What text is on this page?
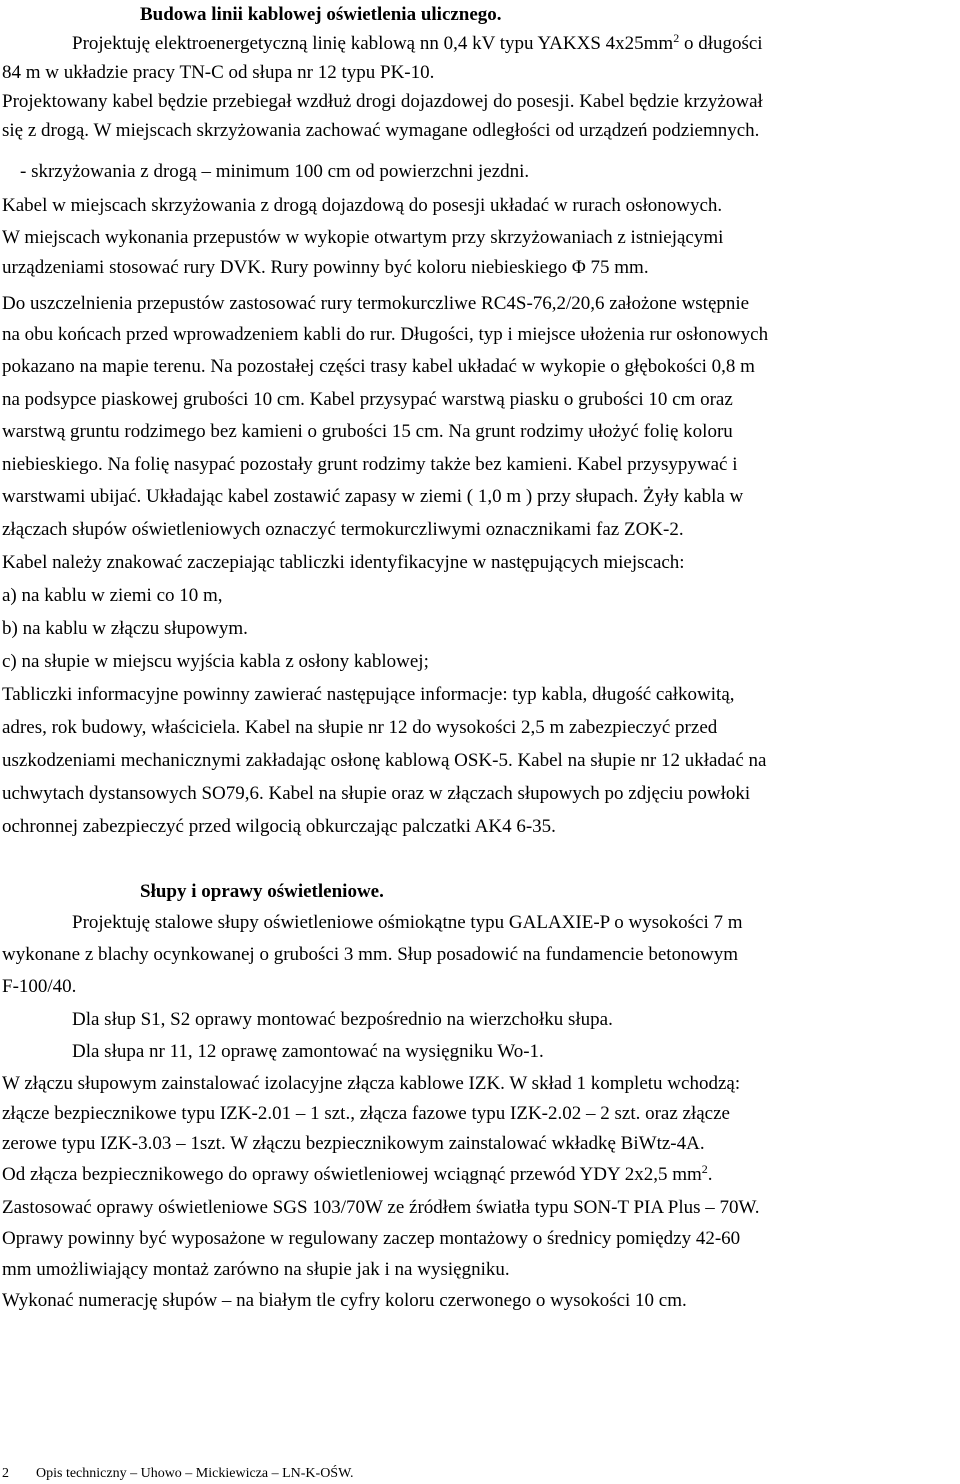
Budowa linii kablowej oświetlenia ulicznego.
Projektuję elektroenergetyczną linię kablową nn 0,4 kV typu YAKXS $4x25mm^2$ o długości
84 m w układzie pracy TN-C od słupa nr 12 typu PK-10.
Projektowany kabel będzie przebiegał wzdłuż drogi dojazdowej do posesji. Kabel będzie krzyżował
się z drogą. W miejscach skrzyżowania zachować wymagane odległości od urządzeń podziemnych.
- skrzyżowania z drogą – minimum 100 cm od powierzchni jezdni.
Kabel w miejscach skrzyżowania z drogą dojazdową do posesji układać w rurach osłonowych.
W miejscach wykonania przepustów w wykopie otwartym przy skrzyżowaniach z istniejącymi
urządzeniami stosować rury DVK. Rury powinny być koloru niebieskiego Φ 75 mm.
Do uszczelnienia przepustów zastosować rury termokurczliwe RC4S-76,2/20,6 założone wstępnie
na obu końcach przed wprowadzeniem kabli do rur. Długości, typ i miejsce ułożenia rur osłonowych
pokazano na mapie terenu. Na pozostałej części trasy kabel układać w wykopie o głębokości 0,8 m
na podsypce piaskowej grubości 10 cm. Kabel przysypać warstwą piasku o grubości 10 cm oraz
warstwą gruntu rodzimego bez kamieni o grubości 15 cm. Na grunt rodzimy ułożyć folię koloru
niebieskiego. Na folię nasypać pozostały grunt rodzimy także bez kamieni. Kabel przysypywać i
warstwami ubijać. Układając kabel zostawić zapasy w ziemi ( 1,0 m ) przy słupach. Żyły kabla w
złączach słupów oświetleniowych oznaczyć termokurczliwymi oznacznikami faz ZOK-2.
Kabel należy znakować zaczepiając tabliczki identyfikacyjne w następujących miejscach:
a) na kablu w ziemi co 10 m,
b) na kablu w złączu słupowym.
c) na słupie w miejscu wyjścia kabla z osłony kablowej;
Tabliczki informacyjne powinny zawierać następujące informacje: typ kabla, długość całkowitą,
adres, rok budowy, właściciela. Kabel na słupie nr 12 do wysokości 2,5 m zabezpieczyć przed
uszkodzeniami mechanicznymi zakładając osłonę kablową OSK-5. Kabel na słupie nr 12 układać na
uchwytach dystansowych SO79,6. Kabel na słupie oraz w złączach słupowych po zdjęciu powłoki
ochronnej zabezpieczyć przed wilgocią obkurczając palczatki AK4 6-35.
Słupy i oprawy oświetleniowe.
Projektuję stalowe słupy oświetleniowe ośmiokątne typu GALAXIE-P o wysokości 7 m
wykonane z blachy ocynkowanej o grubości 3 mm. Słup posadowić na fundamencie betonowym
F-100/40.
Dla słup S1, S2 oprawy montować bezpośrednio na wierzchołku słupa.
Dla słupa nr 11, 12 oprawę zamontować na wysięgniku Wo-1.
W złączu słupowym zainstalować izolacyjne złącza kablowe IZK. W skład 1 kompletu wchodzą:
złącze bezpiecznikowe typu IZK-2.01 – 1 szt., złącza fazowe typu IZK-2.02 – 2 szt. oraz złącze
zerowe typu IZK-3.03 – 1szt. W złączu bezpiecznikowym zainstalować wkładkę BiWtz-4A.
Od złącza bezpiecznikowego do oprawy oświetleniowej wciągnąć przewód YDY 2x2,5 $mm^2$.
Zastosować oprawy oświetleniowe SGS 103/70W ze źródłem światła typu SON-T PIA Plus – 70W.
Oprawy powinny być wyposażone w regulowany zaczep montażowy o średnicy pomiędzy 42-60
mm umożliwiający montaż zarówno na słupie jak i na wysięgniku.
Wykonać numerację słupów – na białym tle cyfry koloru czerwonego o wysokości 10 cm.
2 Opis techniczny – Uhowo – Mickiewicza – LN-K-OŚW.
